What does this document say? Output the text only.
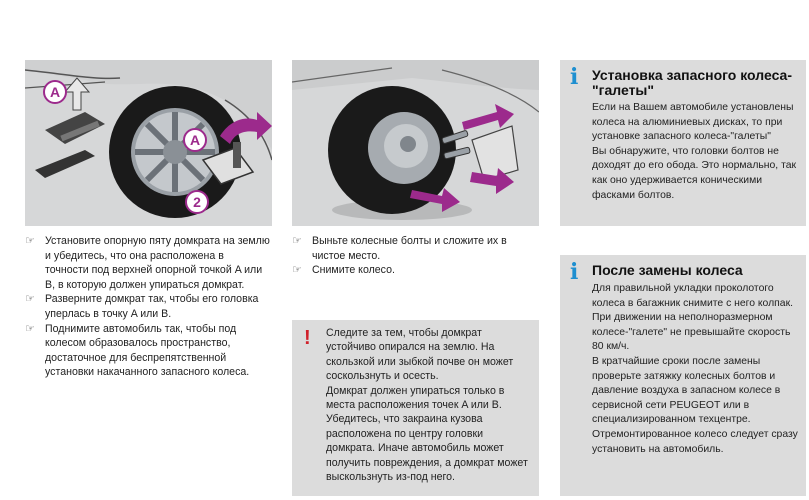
A
A
2
☞ Установите опорную пяту домкрата на землю и убедитесь, что она расположена в точности под верхней опорной точкой A или B, в которую должен упираться домкрат.
☞ Разверните домкрат так, чтобы его головка уперлась в точку A или B.
☞ Поднимите автомобиль так, чтобы под колесом образовалось пространство, достаточное для беспрепятственной установки накачанного запасного колеса.
☞ Выньте колесные болты и сложите их в чистое место.
☞ Снимите колесо.
! Следите за тем, чтобы домкрат устойчиво опирался на землю. На скользкой или зыбкой почве он может соскользнуть и осесть.

Домкрат должен упираться только в места расположения точек A или B. Убедитесь, что закраина кузова расположена по центру головки домкрата. Иначе автомобиль может получить повреждения, а домкрат может выскользнуть из-под него.

i Установка запасного колеса-"галеты"

Если на Вашем автомобиле установлены колеса на алюминиевых дисках, то при установке запасного колеса-"галеты"

Вы обнаружите, что головки болтов не доходят до его обода. Это нормально, так как оно удерживается коническими фасками болтов.

i После замены колеса

Для правильной укладки проколотого колеса в багажник снимите с него колпак.

При движении на неполноразмерном колесе-"галете" не превышайте скорость 80 км/ч.

В кратчайшие сроки после замены проверьте затяжку колесных болтов и давление воздуха в запасном колесе в сервисной сети PEUGEOT или в специализированном техцентре.

Отремонтированное колесо следует сразу установить на автомобиль.
